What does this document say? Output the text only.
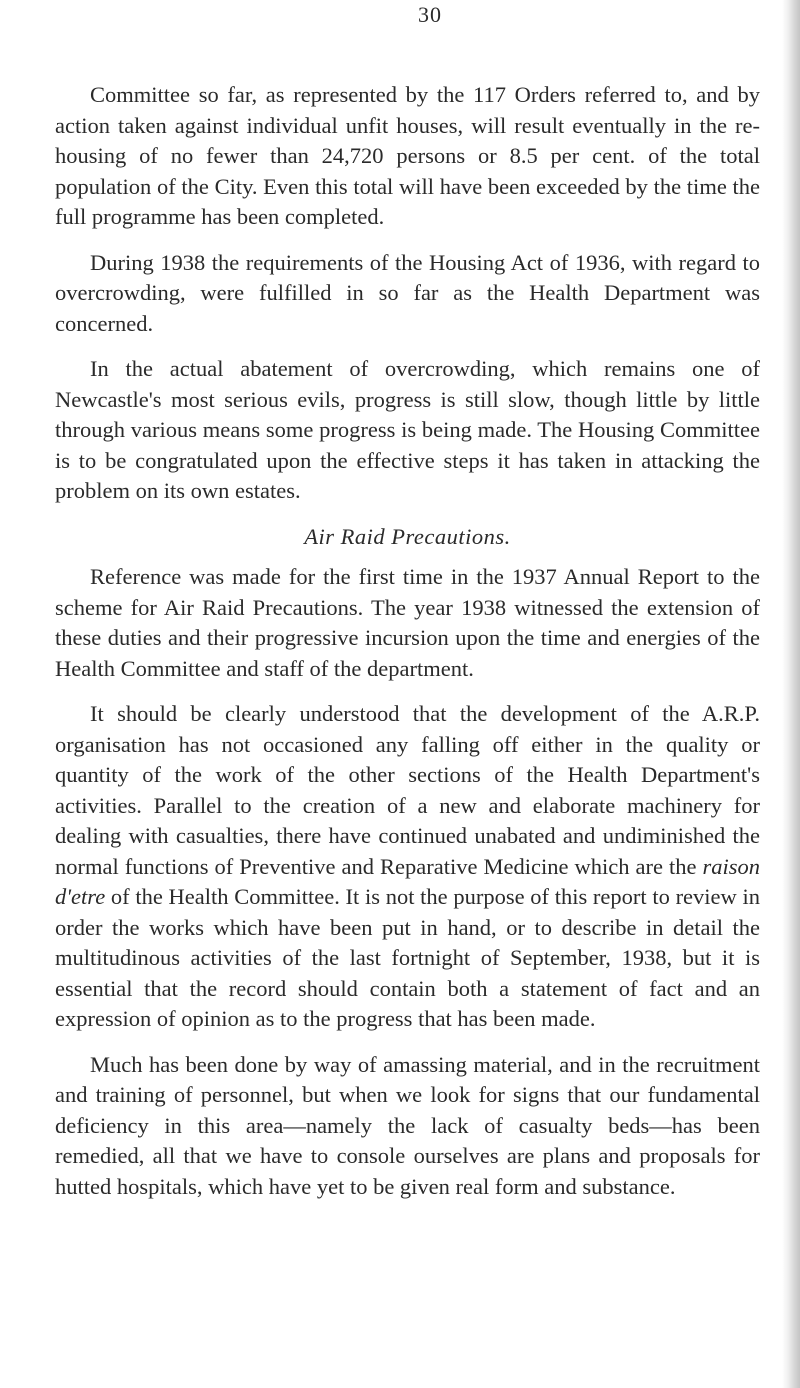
30

Committee so far, as represented by the 117 Orders referred to, and by action taken against individual unfit houses, will result eventually in the re-housing of no fewer than 24,720 persons or 8.5 per cent. of the total population of the City. Even this total will have been exceeded by the time the full programme has been completed.

During 1938 the requirements of the Housing Act of 1936, with regard to overcrowding, were fulfilled in so far as the Health Department was concerned.

In the actual abatement of overcrowding, which remains one of Newcastle's most serious evils, progress is still slow, though little by little through various means some progress is being made. The Housing Committee is to be congratulated upon the effective steps it has taken in attacking the problem on its own estates.

Air Raid Precautions.

Reference was made for the first time in the 1937 Annual Report to the scheme for Air Raid Precautions. The year 1938 witnessed the extension of these duties and their progressive incursion upon the time and energies of the Health Committee and staff of the department.

It should be clearly understood that the development of the A.R.P. organisation has not occasioned any falling off either in the quality or quantity of the work of the other sections of the Health Department's activities. Parallel to the creation of a new and elaborate machinery for dealing with casualties, there have continued unabated and undiminished the normal functions of Preventive and Reparative Medicine which are the raison d'etre of the Health Committee. It is not the purpose of this report to review in order the works which have been put in hand, or to describe in detail the multitudinous activities of the last fortnight of September, 1938, but it is essential that the record should contain both a statement of fact and an expression of opinion as to the progress that has been made.

Much has been done by way of amassing material, and in the recruitment and training of personnel, but when we look for signs that our fundamental deficiency in this area—namely the lack of casualty beds—has been remedied, all that we have to console ourselves are plans and proposals for hutted hospitals, which have yet to be given real form and substance.
